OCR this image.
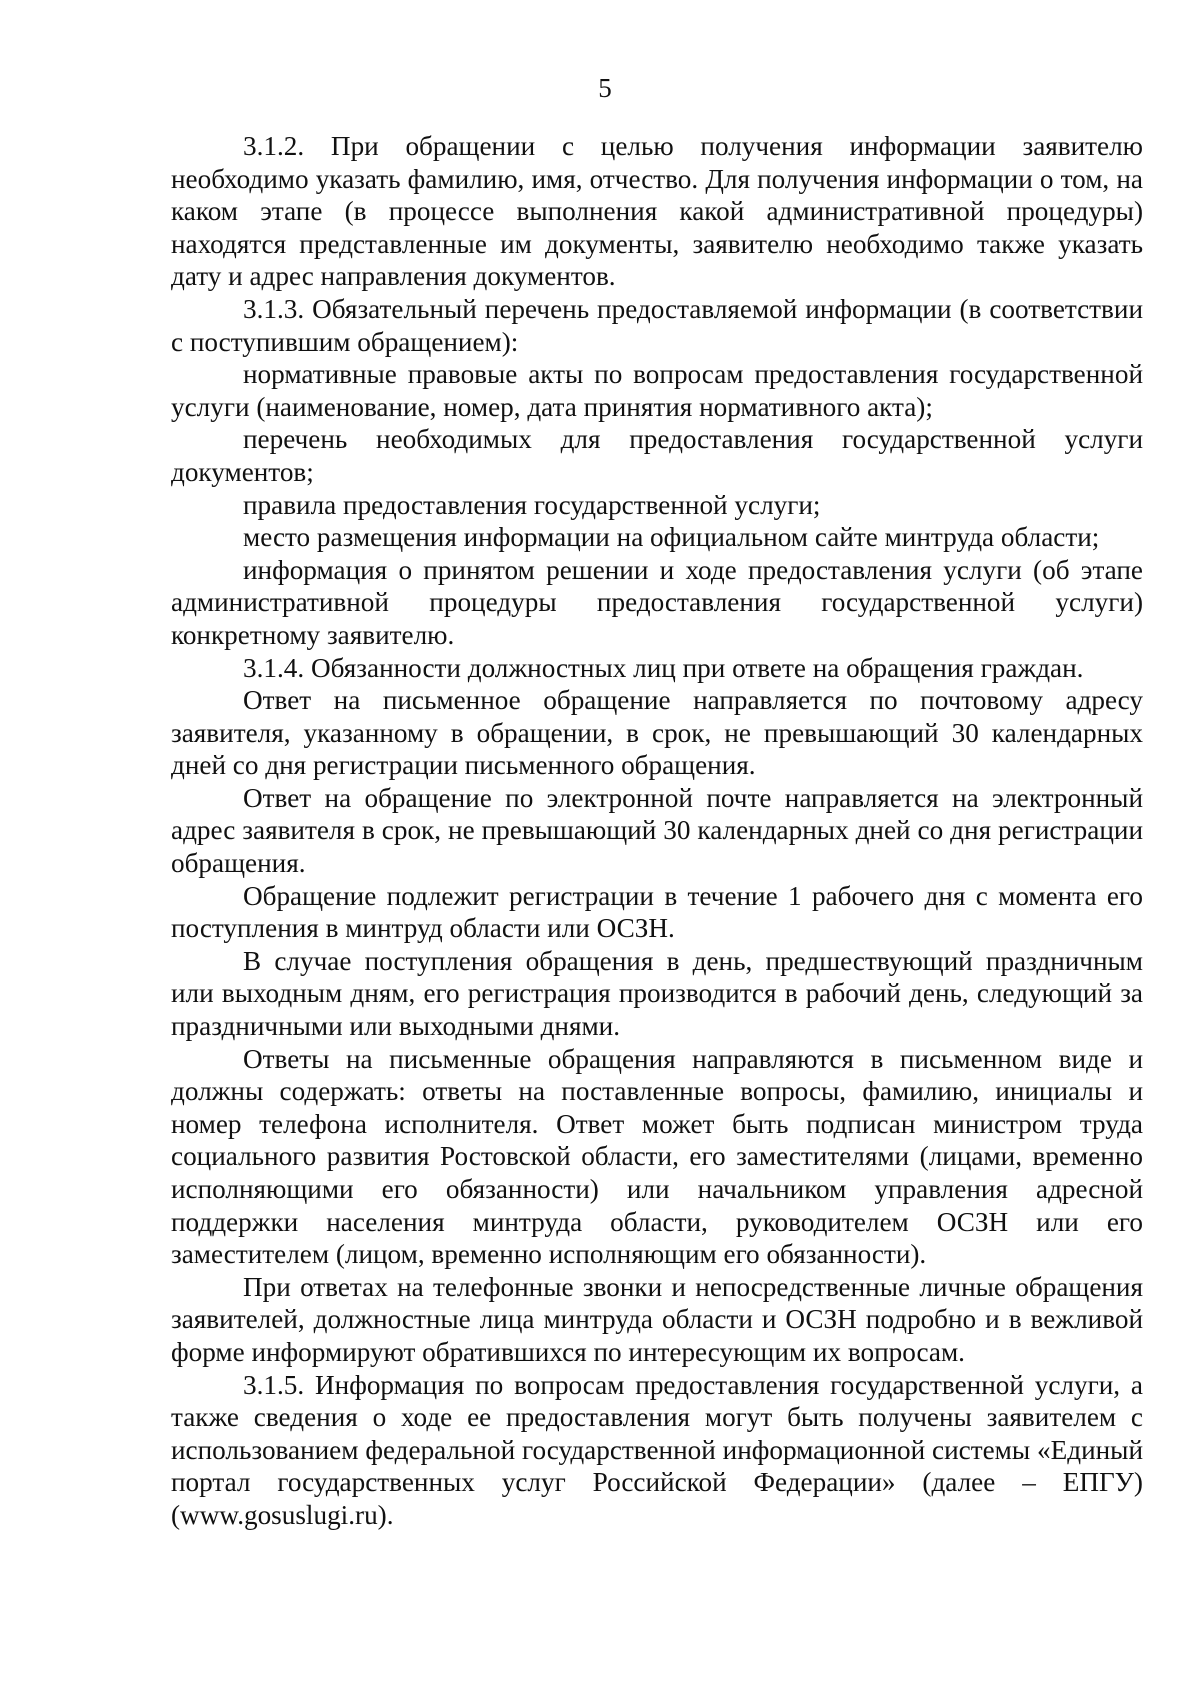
5

3.1.2. При обращении с целью получения информации заявителю необходимо указать фамилию, имя, отчество. Для получения информации о том, на каком этапе (в процессе выполнения какой административной процедуры) находятся представленные им документы, заявителю необходимо также указать дату и адрес направления документов.

3.1.3. Обязательный перечень предоставляемой информации (в соответствии с поступившим обращением):

нормативные правовые акты по вопросам предоставления государственной услуги (наименование, номер, дата принятия нормативного акта);

перечень необходимых для предоставления государственной услуги документов;

правила предоставления государственной услуги;

место размещения информации на официальном сайте минтруда области;

информация о принятом решении и ходе предоставления услуги (об этапе административной процедуры предоставления государственной услуги) конкретному заявителю.

3.1.4. Обязанности должностных лиц при ответе на обращения граждан.

Ответ на письменное обращение направляется по почтовому адресу заявителя, указанному в обращении, в срок, не превышающий 30 календарных дней со дня регистрации письменного обращения.

Ответ на обращение по электронной почте направляется на электронный адрес заявителя в срок, не превышающий 30 календарных дней со дня регистрации обращения.

Обращение подлежит регистрации в течение 1 рабочего дня с момента его поступления в минтруд области или ОСЗН.

В случае поступления обращения в день, предшествующий праздничным или выходным дням, его регистрация производится в рабочий день, следующий за праздничными или выходными днями.

Ответы на письменные обращения направляются в письменном виде и должны содержать: ответы на поставленные вопросы, фамилию, инициалы и номер телефона исполнителя. Ответ может быть подписан министром труда социального развития Ростовской области, его заместителями (лицами, временно исполняющими его обязанности) или начальником управления адресной поддержки населения минтруда области, руководителем ОСЗН или его заместителем (лицом, временно исполняющим его обязанности).

При ответах на телефонные звонки и непосредственные личные обращения заявителей, должностные лица минтруда области и ОСЗН подробно и в вежливой форме информируют обратившихся по интересующим их вопросам.

3.1.5. Информация по вопросам предоставления государственной услуги, а также сведения о ходе ее предоставления могут быть получены заявителем с использованием федеральной государственной информационной системы «Единый портал государственных услуг Российской Федерации» (далее – ЕПГУ) (www.gosuslugi.ru).
